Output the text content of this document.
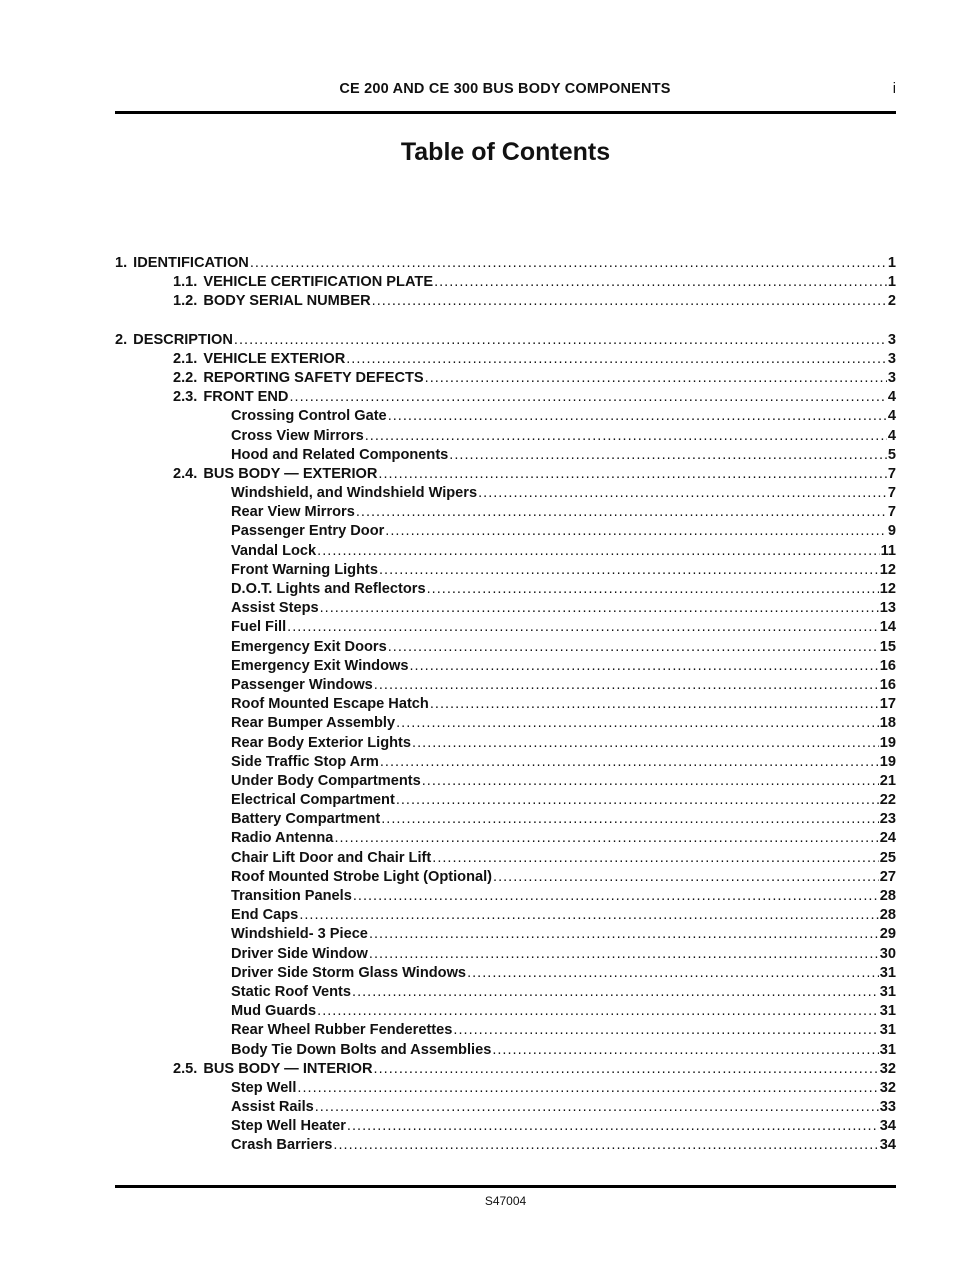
CE 200 AND CE 300 BUS BODY COMPONENTS	i
Table of Contents
1. IDENTIFICATION .....	1
1.1. VEHICLE CERTIFICATION PLATE .....	1
1.2. BODY SERIAL NUMBER .....	2
2. DESCRIPTION .....	3
2.1. VEHICLE EXTERIOR .....	3
2.2. REPORTING SAFETY DEFECTS .....	3
2.3. FRONT END .....	4
Crossing Control Gate .....	4
Cross View Mirrors .....	4
Hood and Related Components .....	5
2.4. BUS BODY — EXTERIOR .....	7
Windshield, and Windshield Wipers .....	7
Rear View Mirrors .....	7
Passenger Entry Door .....	9
Vandal Lock .....	11
Front Warning Lights .....	12
D.O.T. Lights and Reflectors .....	12
Assist Steps .....	13
Fuel Fill .....	14
Emergency Exit Doors .....	15
Emergency Exit Windows .....	16
Passenger Windows .....	16
Roof Mounted Escape Hatch .....	17
Rear Bumper Assembly .....	18
Rear Body Exterior Lights .....	19
Side Traffic Stop Arm .....	19
Under Body Compartments .....	21
Electrical Compartment .....	22
Battery Compartment .....	23
Radio Antenna .....	24
Chair Lift Door and Chair Lift .....	25
Roof Mounted Strobe Light (Optional) .....	27
Transition Panels .....	28
End Caps .....	28
Windshield- 3 Piece .....	29
Driver Side Window .....	30
Driver Side Storm Glass Windows .....	31
Static Roof Vents .....	31
Mud Guards .....	31
Rear Wheel Rubber Fenderettes .....	31
Body Tie Down Bolts and Assemblies .....	31
2.5. BUS BODY — INTERIOR .....	32
Step Well .....	32
Assist Rails .....	33
Step Well Heater .....	34
Crash Barriers .....	34
S47004
